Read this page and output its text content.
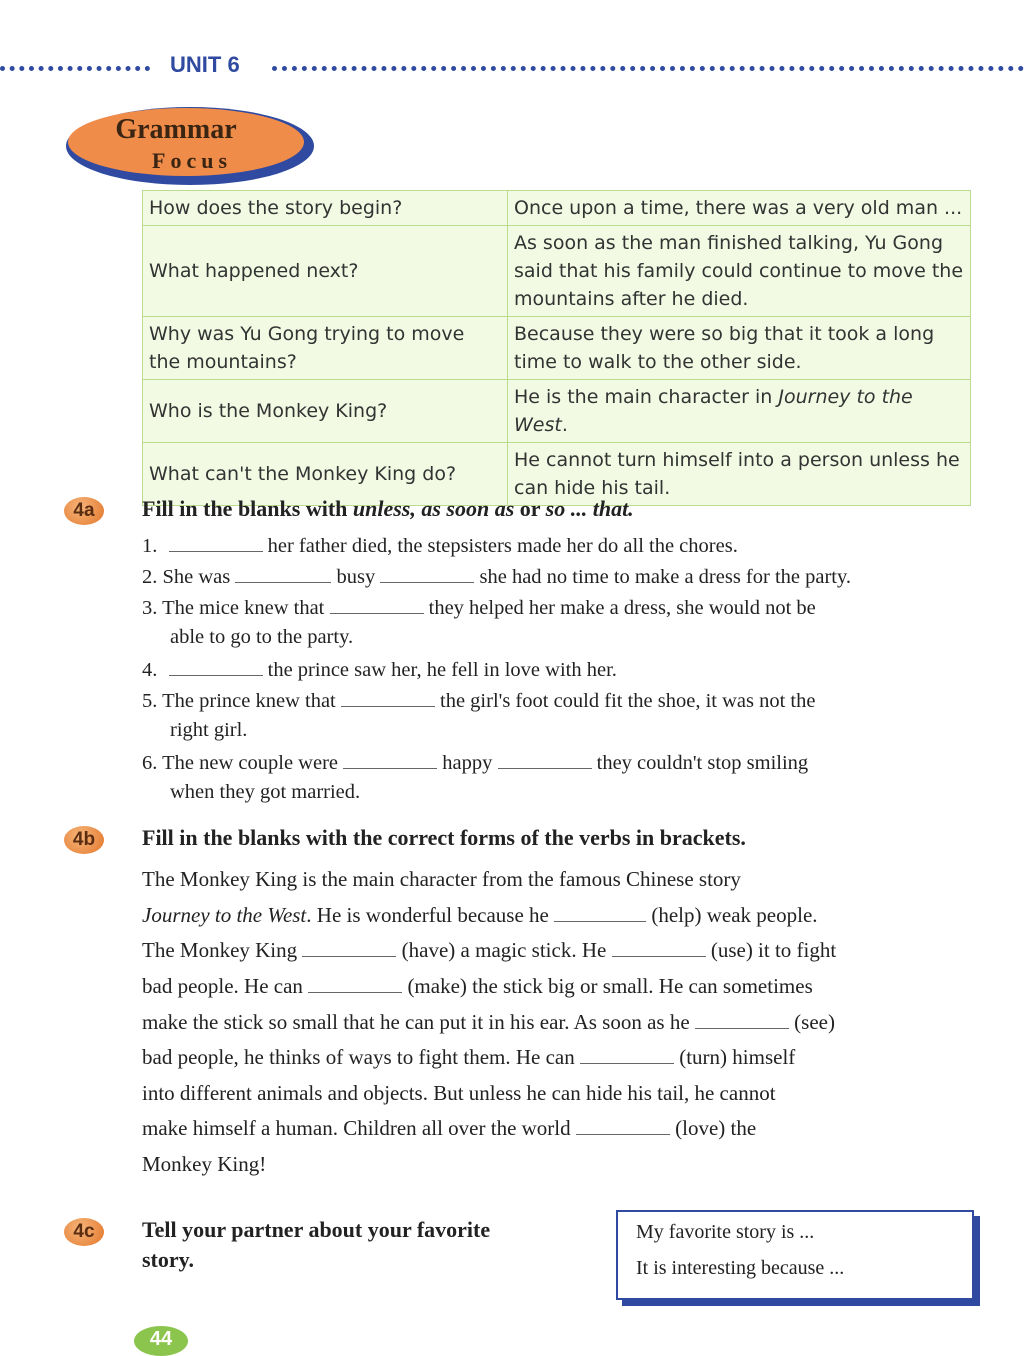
UNIT 6
Grammar
Focus
How does the story begin?	Once upon a time, there was a very old man ...
What happened next?	As soon as the man finished talking, Yu Gong said that his family could continue to move the mountains after he died.
Why was Yu Gong trying to move the mountains?	Because they were so big that it took a long time to walk to the other side.
Who is the Monkey King?	He is the main character in Journey to the West.
What can't the Monkey King do?	He cannot turn himself into a person unless he can hide his tail.
4a	Fill in the blanks with unless, as soon as or so ... that.
1.	her father died, the stepsisters made her do all the chores.
2. She was	busy	she had no time to make a dress for the party.
3. The mice knew that	they helped her make a dress, she would not be
able to go to the party.
4.	the prince saw her, he fell in love with her.
5. The prince knew that	the girl's foot could fit the shoe, it was not the
right girl.
6. The new couple were	happy	they couldn't stop smiling
when they got married.
4b	Fill in the blanks with the correct forms of the verbs in brackets.
The Monkey King is the main character from the famous Chinese story
Journey to the West. He is wonderful because he	(help) weak people.
The Monkey King	(have) a magic stick. He	(use) it to fight
bad people. He can	(make) the stick big or small. He can sometimes
make the stick so small that he can put it in his ear. As soon as he	(see)
bad people, he thinks of ways to fight them. He can	(turn) himself
into different animals and objects. But unless he can hide his tail, he cannot
make himself a human. Children all over the world	(love) the
Monkey King!
4c	Tell your partner about your favorite
story.
My favorite story is ...
It is interesting because ...
44
